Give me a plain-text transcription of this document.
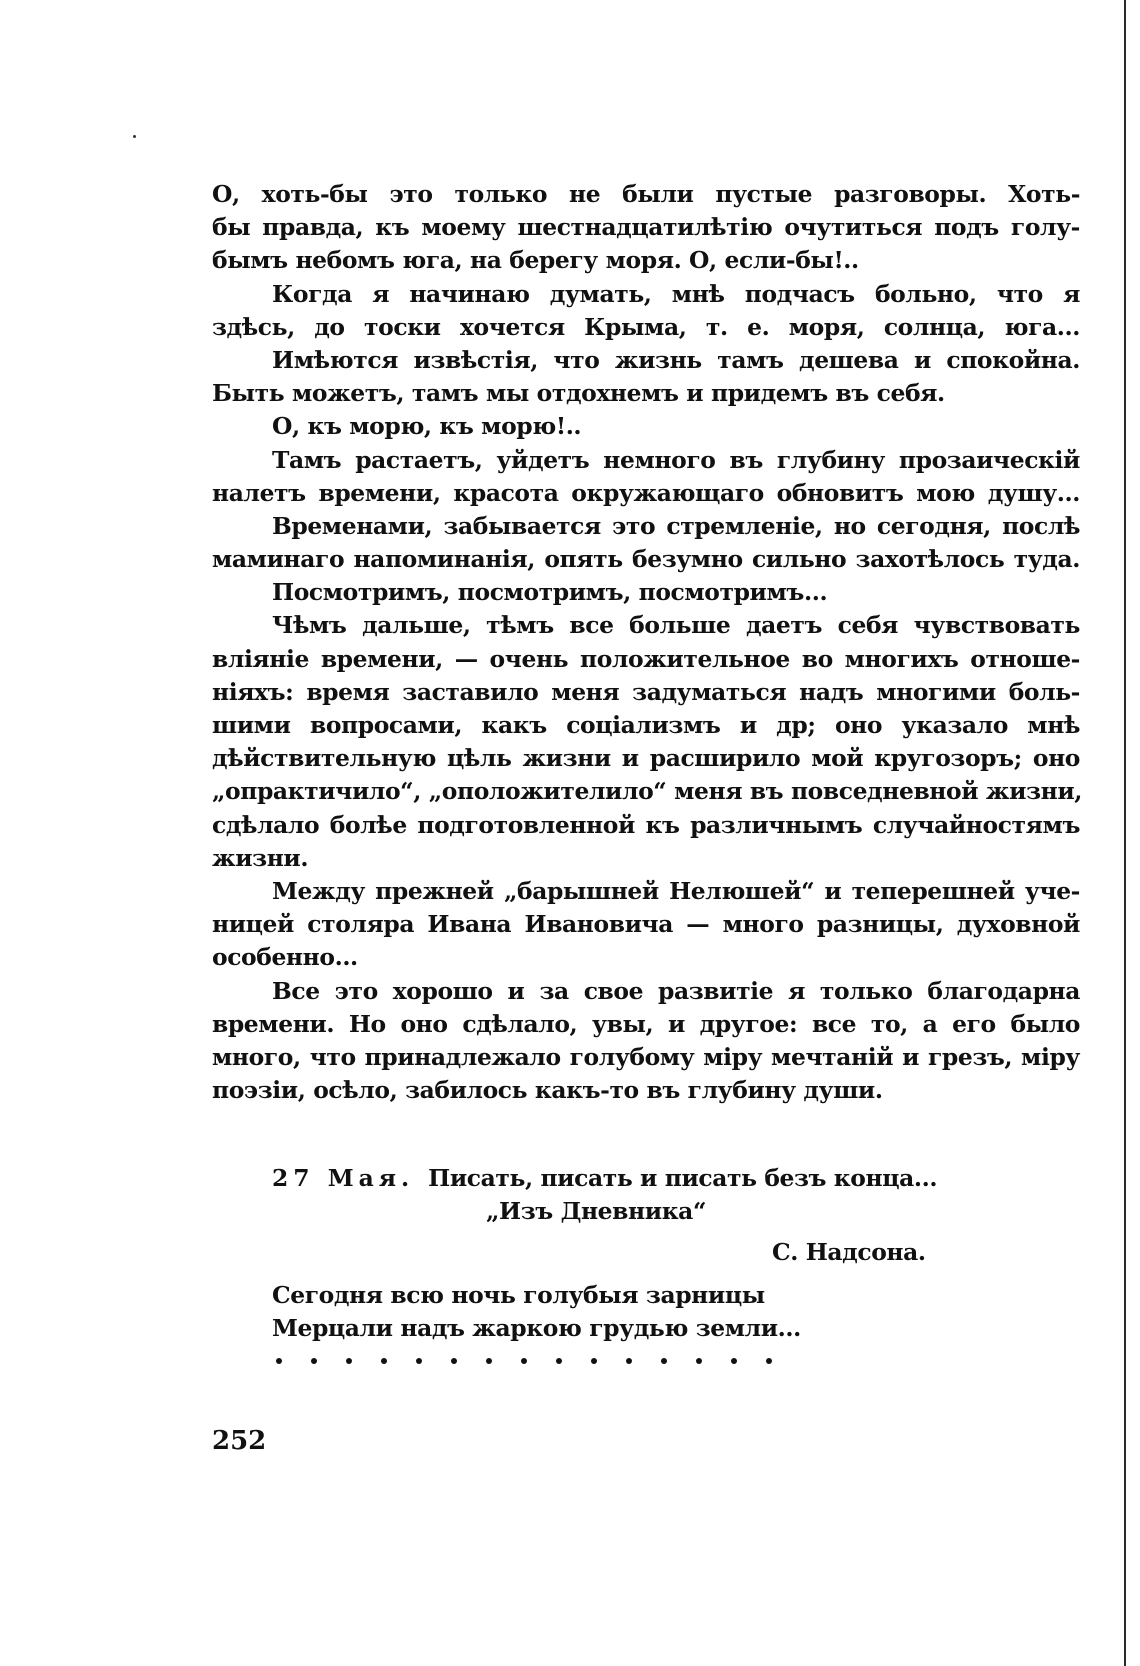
О, хоть-бы это только не были пустые разговоры. Хоть-
бы правда, къ моему шестнадцатилѣтію очутиться подъ голу-
бымъ небомъ юга, на берегу моря. О, если-бы!..
Когда я начинаю думать, мнѣ подчасъ больно, что я
здѣсь, до тоски хочется Крыма, т. е. моря, солнца, юга...
Имѣются извѣстія, что жизнь тамъ дешева и спокойна.
Быть можетъ, тамъ мы отдохнемъ и придемъ въ себя.
О, къ морю, къ морю!..
Тамъ растаетъ, уйдетъ немного въ глубину прозаическій
налетъ времени, красота окружающаго обновитъ мою душу...
Временами, забывается это стремленіе, но сегодня, послѣ
маминаго напоминанія, опять безумно сильно захотѣлось туда.
Посмотримъ, посмотримъ, посмотримъ...
Чѣмъ дальше, тѣмъ все больше даетъ себя чувствовать
вліяніе времени, — очень положительное во многихъ отноше-
ніяхъ: время заставило меня задуматься надъ многими боль-
шими вопросами, какъ соціализмъ и др; оно указало мнѣ
дѣйствительную цѣль жизни и расширило мой кругозоръ; оно
„опрактичило“, „оположителило“ меня въ повседневной жизни,
сдѣлало болѣе подготовленной къ различнымъ случайностямъ
жизни.
Между прежней „барышней Нелюшей“ и теперешней уче-
ницей столяра Ивана Ивановича — много разницы, духовной
особенно...
Все это хорошо и за свое развитіе я только благодарна
времени. Но оно сдѣлало, увы, и другое: все то, а его было
много, что принадлежало голубому міру мечтаній и грезъ, міру
поэзіи, осѣло, забилось какъ-то въ глубину души.
27 Мая. Писать, писать и писать безъ конца...
„Изъ Дневника“
С. Надсона.
Сегодня всю ночь голубыя зарницы
Мерцали надъ жаркою грудью земли...
252
